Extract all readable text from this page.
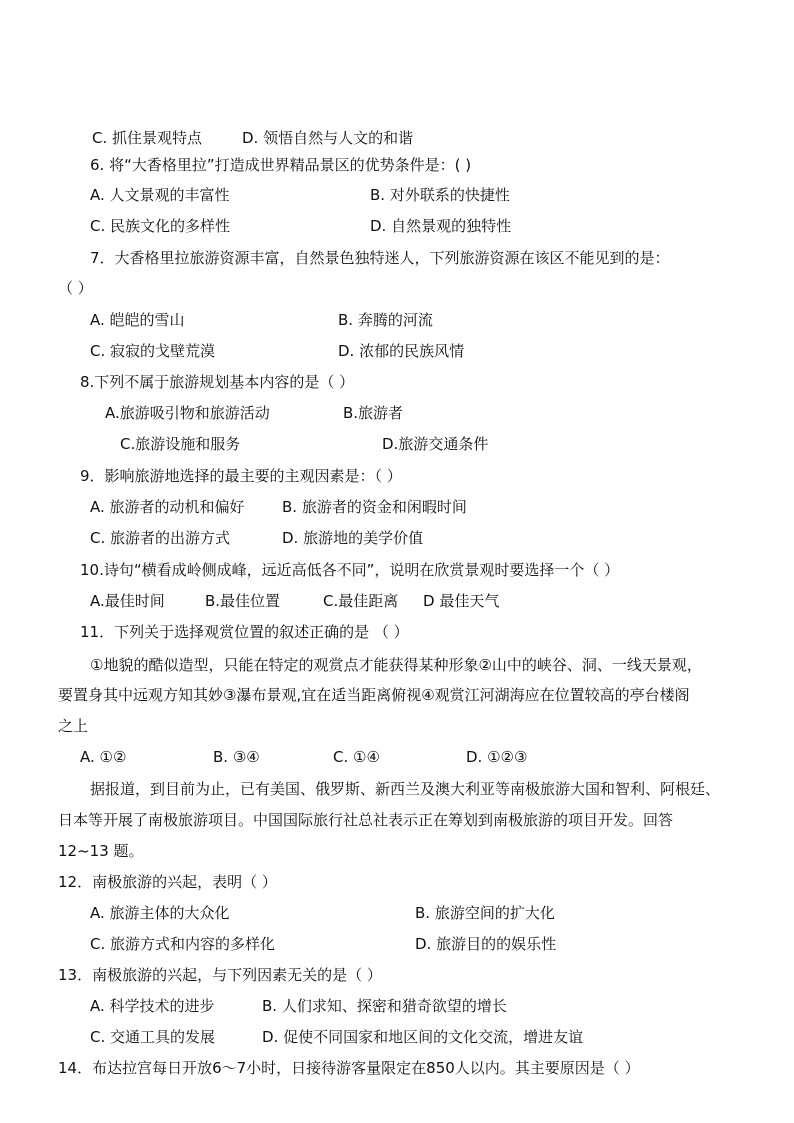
C. 抓住景观特点	D. 领悟自然与人文的和谐
6. 将“大香格里拉”打造成世界精品景区的优势条件是：( )
A. 人文景观的丰富性	B. 对外联系的快捷性
C. 民族文化的多样性	D. 自然景观的独特性
7．大香格里拉旅游资源丰富，自然景色独特迷人，下列旅游资源在该区不能见到的是：
（ ）
A. 皑皑的雪山	B. 奔腾的河流
C. 寂寂的戈壁荒漠	D. 浓郁的民族风情
8.下列不属于旅游规划基本内容的是（ ）
A.旅游吸引物和旅游活动	B.旅游者
C.旅游设施和服务	D.旅游交通条件
9．影响旅游地选择的最主要的主观因素是：（ ）
A. 旅游者的动机和偏好 B. 旅游者的资金和闲暇时间
C. 旅游者的出游方式	D. 旅游地的美学价值
10.诗句“横看成岭侧成峰，远近高低各不同”，说明在欣赏景观时要选择一个（ ）
A.最佳时间	B.最佳位置	C.最佳距离 D 最佳天气
11．下列关于选择观赏位置的叙述正确的是 （ ）
①地貌的酷似造型，只能在特定的观赏点才能获得某种形象②山中的峡谷、洞、一线天景观，
要置身其中远观方知其妙③瀑布景观,宜在适当距离俯视④观赏江河湖海应在位置较高的亭台楼阁
之上
A. ①②	B. ③④	C. ①④	D. ①②③
据报道，到目前为止，已有美国、俄罗斯、新西兰及澳大利亚等南极旅游大国和智利、阿根廷、
日本等开展了南极旅游项目。中国国际旅行社总社表示正在筹划到南极旅游的项目开发。回答
12~13 题。
12．南极旅游的兴起，表明（ ）
A. 旅游主体的大众化	B. 旅游空间的扩大化
C. 旅游方式和内容的多样化	D. 旅游目的的娱乐性
13．南极旅游的兴起，与下列因素无关的是（ ）
A. 科学技术的进步	B. 人们求知、探密和猎奇欲望的增长
C. 交通工具的发展	D. 促使不同国家和地区间的文化交流，增进友谊
14．布达拉宫每日开放6～7小时，日接待游客量限定在850人以内。其主要原因是（ ）
